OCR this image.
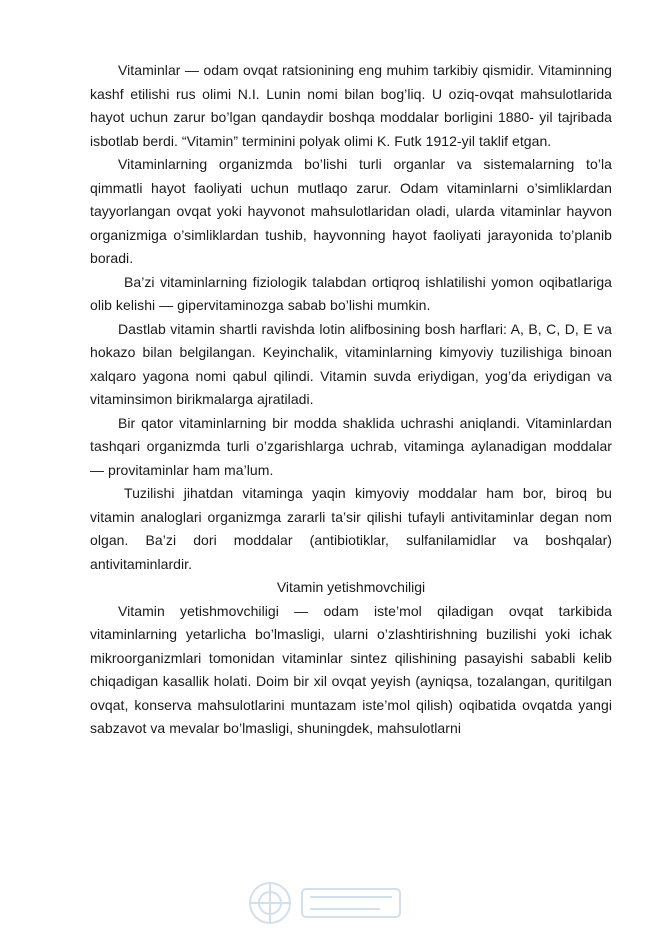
Vitaminlar — odam ovqat ratsionining eng muhim tarkibiy qismidir. Vitaminning kashf etilishi rus olimi N.I. Lunin nomi bilan bog’liq. U oziq-ovqat mahsulotlarida hayot uchun zarur bo’lgan qandaydir boshqa moddalar borligini 1880- yil tajribada isbotlab berdi. “Vitamin” terminini polyak olimi K. Futk 1912-yil taklif etgan.

Vitaminlarning organizmda bo’lishi turli organlar va sistemalarning to’la qimmatli hayot faoliyati uchun mutlaqo zarur. Odam vitaminlarni o’simliklardan tayyorlangan ovqat yoki hayvonot mahsulotlaridan oladi, ularda vitaminlar hayvon organizmiga o’simliklardan tushib, hayvonning hayot faoliyati jarayonida to’planib boradi.

Ba’zi vitaminlarning fiziologik talabdan ortiqroq ishlatilishi yomon oqibatlariga olib kelishi — gipervitaminozga sabab bo’lishi mumkin.

Dastlab vitamin shartli ravishda lotin alifbosining bosh harflari: A, B, C, D, E va hokazo bilan belgilangan. Keyinchalik, vitaminlarning kimyoviy tuzilishiga binoan xalqaro yagona nomi qabul qilindi. Vitamin suvda eriydigan, yog’da eriydigan va vitaminsimon birikmalarga ajratiladi.

Bir qator vitaminlarning bir modda shaklida uchrashi aniqlandi. Vitaminlardan tashqari organizmda turli o’zgarishlarga uchrab, vitaminga aylanadigan moddalar — provitaminlar ham ma’lum.

Tuzilishi jihatdan vitaminga yaqin kimyoviy moddalar ham bor, biroq bu vitamin analoglari organizmga zararli ta’sir qilishi tufayli antivitaminlar degan nom olgan. Ba’zi dori moddalar (antibiotiklar, sulfanilamidlar va boshqalar) antivitaminlardir.

Vitamin yetishmovchiligi

Vitamin yetishmovchiligi — odam iste’mol qiladigan ovqat tarkibida vitaminlarning yetarlicha bo’lmasligi, ularni o’zlashtirishning buzilishi yoki ichak mikroorganizmlari tomonidan vitaminlar sintez qilishining pasayishi sababli kelib chiqadigan kasallik holati. Doim bir xil ovqat yeyish (ayniqsa, tozalangan, quritilgan ovqat, konserva mahsulotlarini muntazam iste’mol qilish) oqibatida ovqatda yangi sabzavot va mevalar bo’lmasligi, shuningdek, mahsulotlarni
